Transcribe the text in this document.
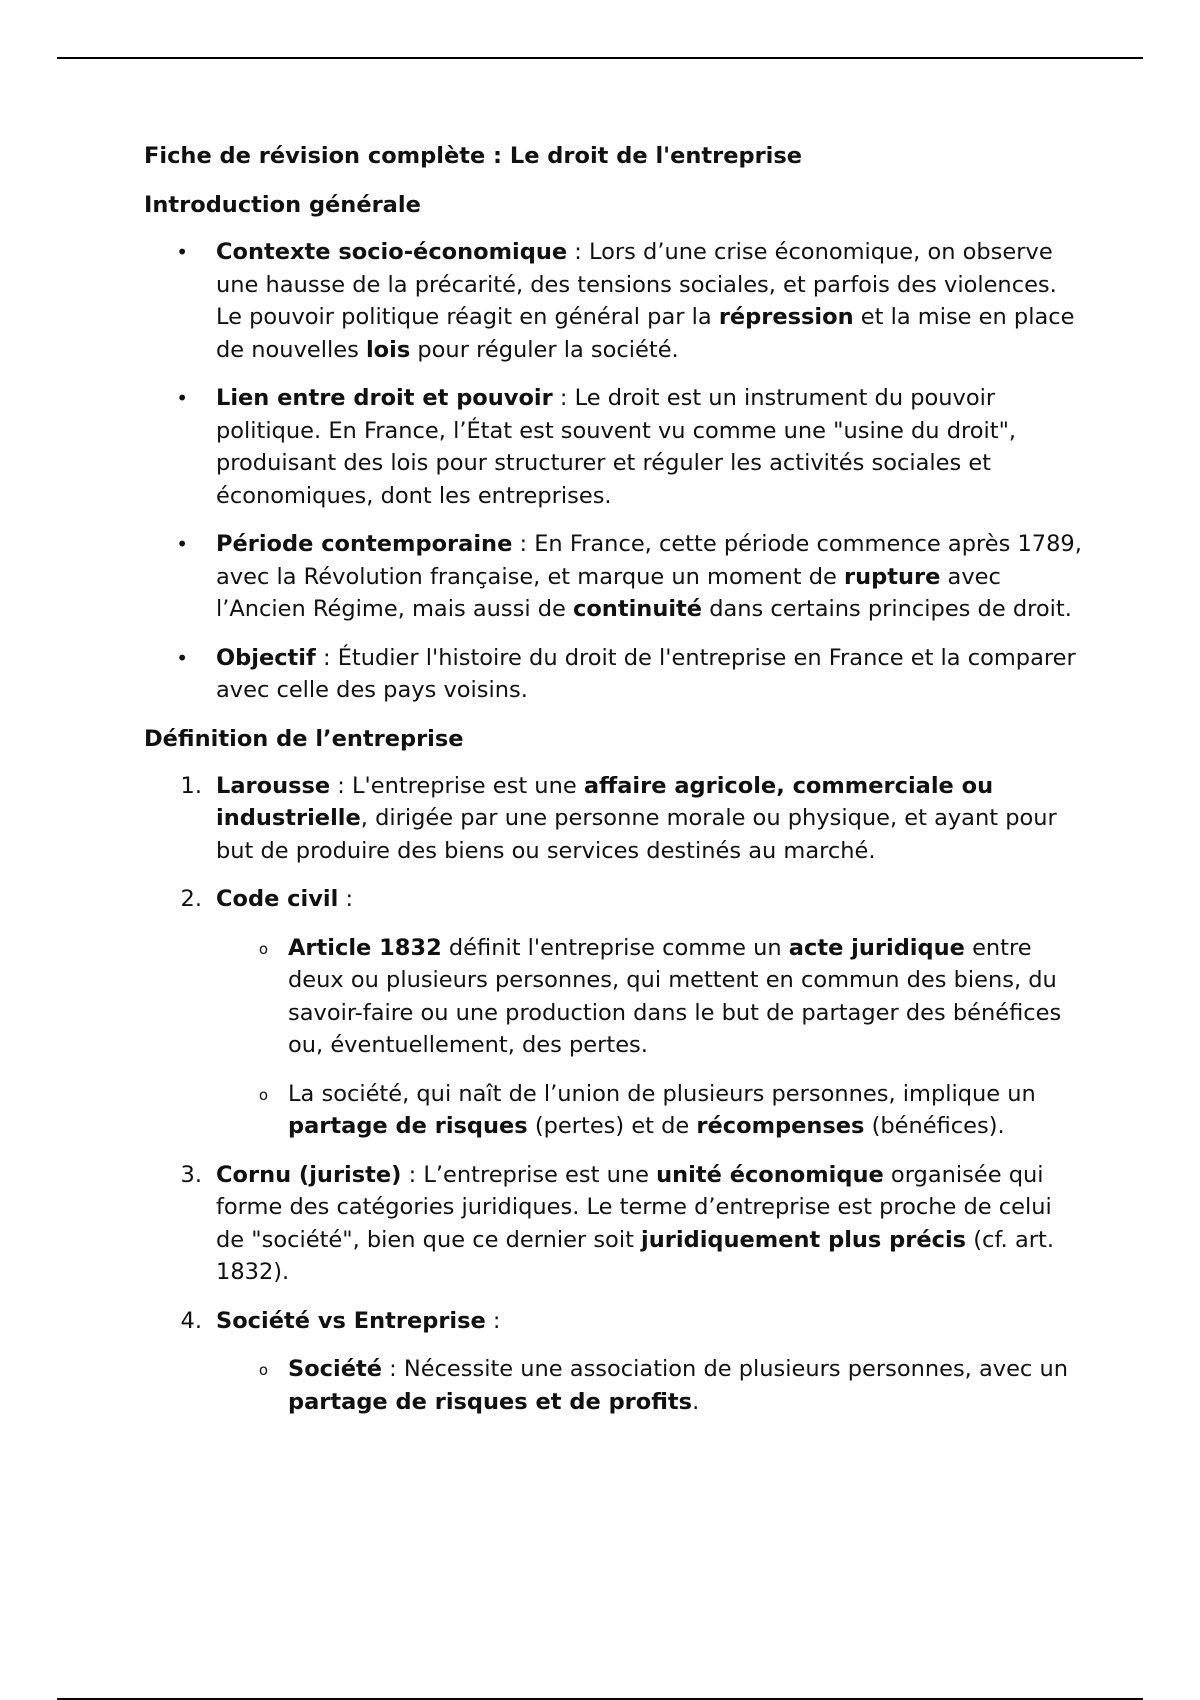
Fiche de révision complète : Le droit de l'entreprise

Introduction générale

• Contexte socio-économique : Lors d’une crise économique, on observe une hausse de la précarité, des tensions sociales, et parfois des violences. Le pouvoir politique réagit en général par la répression et la mise en place de nouvelles lois pour réguler la société.
• Lien entre droit et pouvoir : Le droit est un instrument du pouvoir politique. En France, l’État est souvent vu comme une "usine du droit", produisant des lois pour structurer et réguler les activités sociales et économiques, dont les entreprises.
• Période contemporaine : En France, cette période commence après 1789, avec la Révolution française, et marque un moment de rupture avec l’Ancien Régime, mais aussi de continuité dans certains principes de droit.
• Objectif : Étudier l'histoire du droit de l'entreprise en France et la comparer avec celle des pays voisins.

Définition de l’entreprise

1. Larousse : L'entreprise est une affaire agricole, commerciale ou industrielle, dirigée par une personne morale ou physique, et ayant pour but de produire des biens ou services destinés au marché.
2. Code civil :
o Article 1832 définit l'entreprise comme un acte juridique entre deux ou plusieurs personnes, qui mettent en commun des biens, du savoir-faire ou une production dans le but de partager des bénéfices ou, éventuellement, des pertes.
o La société, qui naît de l’union de plusieurs personnes, implique un partage de risques (pertes) et de récompenses (bénéfices).
3. Cornu (juriste) : L’entreprise est une unité économique organisée qui forme des catégories juridiques. Le terme d’entreprise est proche de celui de "société", bien que ce dernier soit juridiquement plus précis (cf. art. 1832).
4. Société vs Entreprise :
o Société : Nécessite une association de plusieurs personnes, avec un partage de risques et de profits.
